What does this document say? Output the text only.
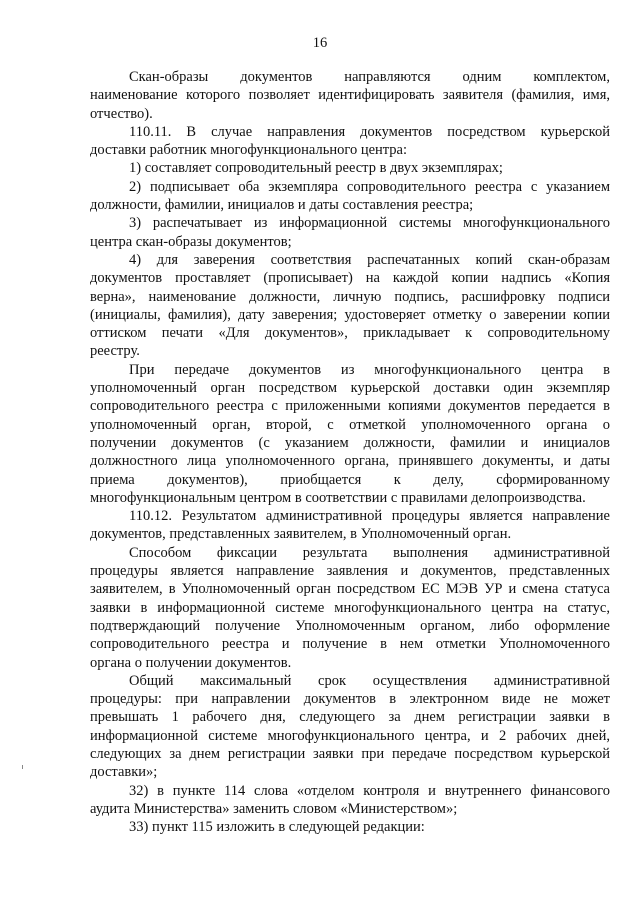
16
Скан-образы документов направляются одним комплектом,
наименование которого позволяет идентифицировать заявителя (фамилия, имя,
отчество).
110.11. В случае направления документов посредством курьерской
доставки работник многофункционального центра:
1) составляет сопроводительный реестр в двух экземплярах;
2) подписывает оба экземпляра сопроводительного реестра с указанием
должности, фамилии, инициалов и даты составления реестра;
3) распечатывает из информационной системы многофункционального
центра скан-образы документов;
4) для заверения соответствия распечатанных копий скан-образам
документов проставляет (прописывает) на каждой копии надпись «Копия
верна», наименование должности, личную подпись, расшифровку подписи
(инициалы, фамилия), дату заверения; удостоверяет отметку о заверении копии
оттиском печати «Для документов», прикладывает к сопроводительному
реестру.
При передаче документов из многофункционального центра в
уполномоченный орган посредством курьерской доставки один экземпляр
сопроводительного реестра с приложенными копиями документов передается в
уполномоченный орган, второй, с отметкой уполномоченного органа о
получении документов (с указанием должности, фамилии и инициалов
должностного лица уполномоченного органа, принявшего документы, и даты
приема документов), приобщается к делу, сформированному
многофункциональным центром в соответствии с правилами делопроизводства.
110.12. Результатом административной процедуры является направление
документов, представленных заявителем, в Уполномоченный орган.
Способом фиксации результата выполнения административной
процедуры является направление заявления и документов, представленных
заявителем, в Уполномоченный орган посредством ЕС МЭВ УР и смена статуса
заявки в информационной системе многофункционального центра на статус,
подтверждающий получение Уполномоченным органом, либо оформление
сопроводительного реестра и получение в нем отметки Уполномоченного
органа о получении документов.
Общий максимальный срок осуществления административной
процедуры: при направлении документов в электронном виде не может
превышать 1 рабочего дня, следующего за днем регистрации заявки в
информационной системе многофункционального центра, и 2 рабочих дней,
следующих за днем регистрации заявки при передаче посредством курьерской
доставки»;
32) в пункте 114 слова «отделом контроля и внутреннего финансового
аудита Министерства» заменить словом «Министерством»;
33) пункт 115 изложить в следующей редакции:
